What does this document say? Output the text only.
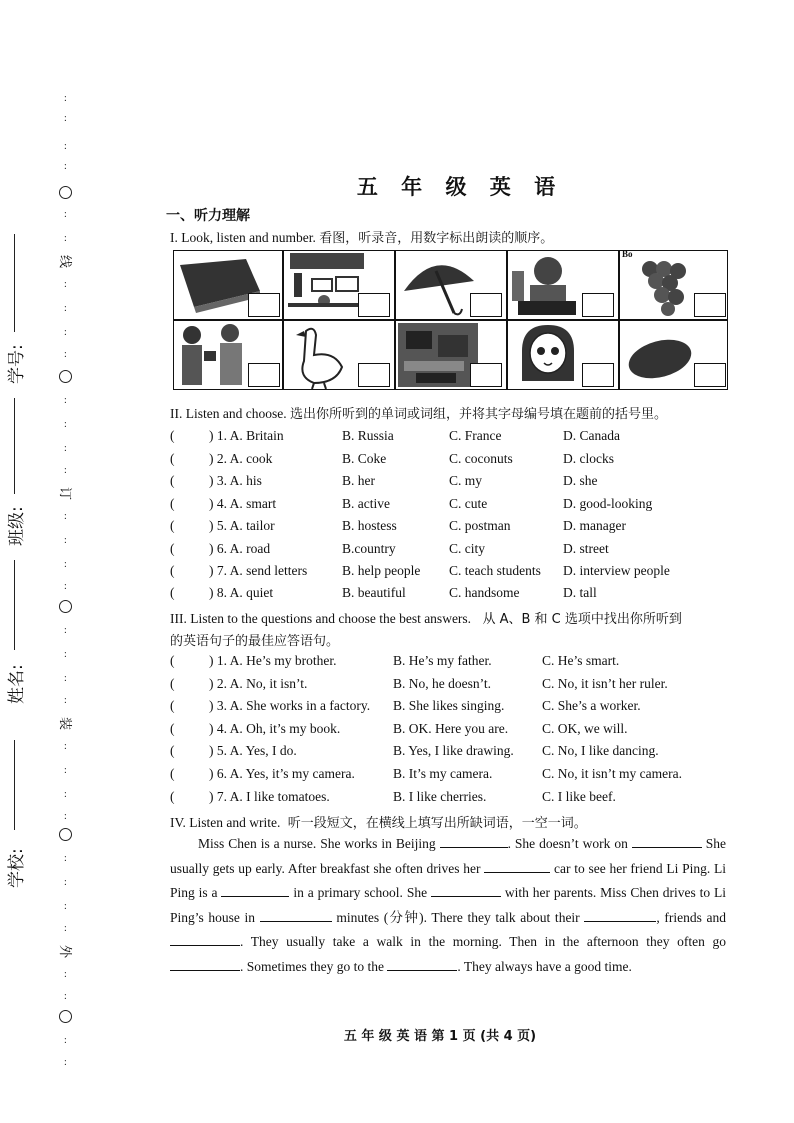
:
:
:
:
:
:
线
:
:
:
:
:
:
:
:
订
:
:
:
:
:
:
:
:
装
:
:
:
:
:
:
:
:
外
:
:
:
:
学校:
姓名:
班级:
学号:
五 年 级 英 语
一、听力理解
I. Look, listen and number. 看图，听录音，用数字标出朗读的顺序。
Bo
II. Listen and choose. 选出你所听到的单词或词组，并将其字母编号填在题前的括号里。
(	) 1. A. Britain	B. Russia	C. France	D. Canada
(	) 2. A. cook	B. Coke	C. coconuts	D. clocks
(	) 3. A. his	B. her	C. my	D. she
(	) 4. A. smart	B. active	C. cute	D. good-looking
(	) 5. A. tailor	B. hostess	C. postman	D. manager
(	) 6. A. road	B.country	C. city	D. street
(	) 7. A. send letters	B. help people C. teach students D. interview people
(	) 8. A. quiet	B. beautiful	C. handsome	D. tall
III. Listen to the questions and choose the best answers. 从 A、B 和 C 选项中找出你所听到
的英语句子的最佳应答语句。
(	) 1. A. He’s my brother.	B. He’s my father.	C. He’s smart.
(	) 2. A. No, it isn’t.	B. No, he doesn’t.	C. No, it isn’t her ruler.
(	) 3. A. She works in a factory. B. She likes singing.	C. She’s a worker.
(	) 4. A. Oh, it’s my book.	B. OK. Here you are.	C. OK, we will.
(	) 5. A. Yes, I do.	B. Yes, I like drawing. C. No, I like dancing.
(	) 6. A. Yes, it’s my camera.	B. It’s my camera.	C. No, it isn’t my camera.
(	) 7. A. I like tomatoes.	B. I like cherries.	C. I like beef.
IV. Listen and write. 听一段短文，在横线上填写出所缺词语，一空一词。
Miss Chen is a nurse. She works in Beijing	. She doesn’t work on	She usually gets up early. After breakfast she often drives her	car to see her friend Li Ping. Li Ping is a	in a primary school. She	with her parents. Miss Chen drives to Li Ping’s house in	minutes (分钟). There they talk about their	, friends and . They usually take a walk in the morning. Then in the afternoon they often go . Sometimes they go to the	. They always have a good time.
五 年 级 英 语 第 1 页 (共 4 页)
